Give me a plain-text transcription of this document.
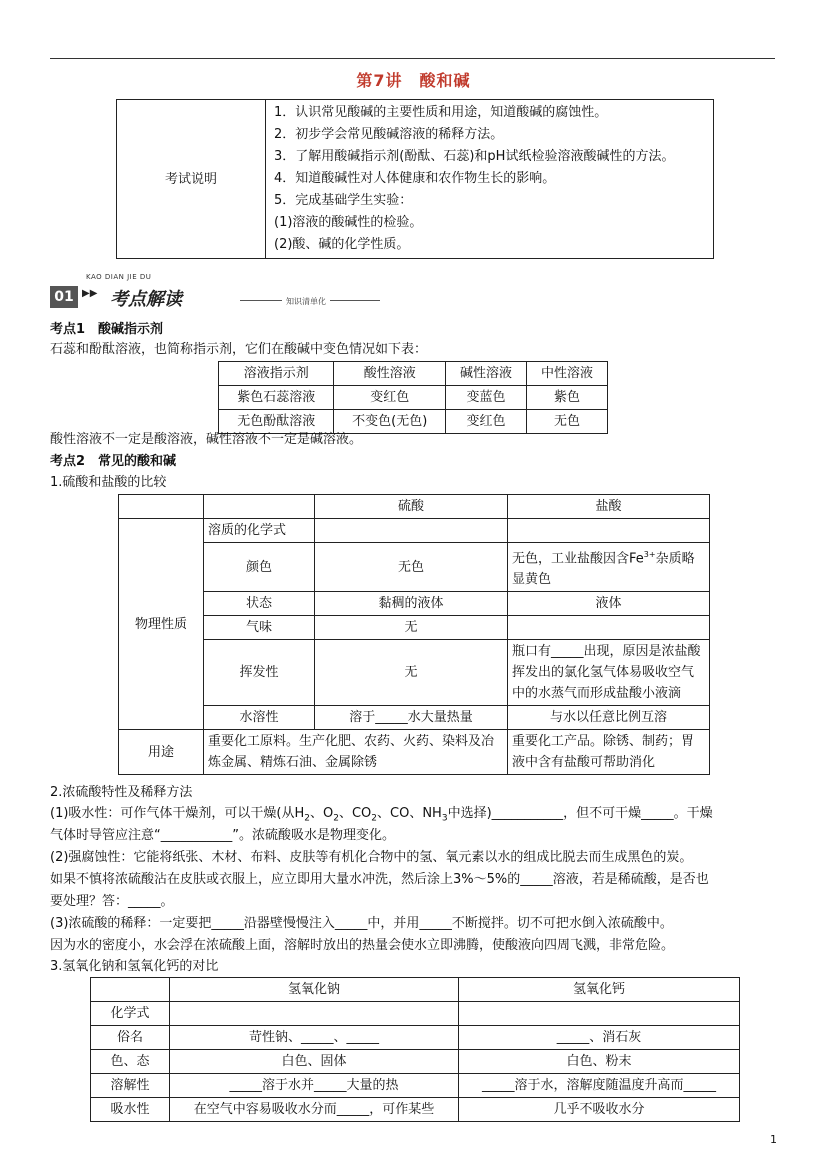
第7讲　酸和碱
考试说明	
1．认识常见酸碱的主要性质和用途，知道酸碱的腐蚀性。
2．初步学会常见酸碱溶液的稀释方法。
3．了解用酸碱指示剂(酚酞、石蕊)和pH试纸检验溶液酸碱性的方法。
4．知道酸碱性对人体健康和农作物生长的影响。
5．完成基础学生实验：
(1)溶液的酸碱性的检验。
(2)酸、碱的化学性质。
KAO DIAN JIE DU
01 ▶▶ 考点解读	知识清单化
考点1　酸碱指示剂
石蕊和酚酞溶液，也简称指示剂，它们在酸碱中变色情况如下表：
溶液指示剂	酸性溶液	碱性溶液	中性溶液
紫色石蕊溶液	变红色	变蓝色	紫色
无色酚酞溶液	不变色(无色)	变红色	无色
酸性溶液不一定是酸溶液，碱性溶液不一定是碱溶液。
考点2　常见的酸和碱
1.硫酸和盐酸的比较
		硫酸	盐酸
物理性质	溶质的化学式		
	颜色	无色	无色，工业盐酸因含$Fe^{3+}$杂质略显黄色
	状态	黏稠的液体	液体
	气味	无	
	挥发性	无	瓶口有_____出现，原因是浓盐酸挥发出的氯化氢气体易吸收空气中的水蒸气而形成盐酸小液滴
	水溶性	溶于_____水大量热量	与水以任意比例互溶
用途	重要化工原料。生产化肥、农药、火药、染料及冶炼金属、精炼石油、金属除锈		重要化工产品。除锈、制药；胃液中含有盐酸可帮助消化
2.浓硫酸特性及稀释方法
(1)吸水性：可作气体干燥剂，可以干燥(从$H_2$、$O_2$、$CO_2$、CO、$NH_3$中选择)___________，但不可干燥_____。干燥
气体时导管应注意“___________”。浓硫酸吸水是物理变化。
(2)强腐蚀性：它能将纸张、木材、布料、皮肤等有机化合物中的氢、氧元素以水的组成比脱去而生成黑色的炭。
如果不慎将浓硫酸沾在皮肤或衣服上，应立即用大量水冲洗，然后涂上3%～5%的_____溶液，若是稀硫酸，是否也
要处理？答：_____。
(3)浓硫酸的稀释：一定要把_____沿器壁慢慢注入_____中，并用_____不断搅拌。切不可把水倒入浓硫酸中。
因为水的密度小，水会浮在浓硫酸上面，溶解时放出的热量会使水立即沸腾，使酸液向四周飞溅，非常危险。
3.氢氧化钠和氢氧化钙的对比
	氢氧化钠	氢氧化钙
化学式		
俗名	苛性钠、_____、_____	_____、消石灰
色、态	白色、固体	白色、粉末
溶解性	_____溶于水并_____大量的热	_____溶于水，溶解度随温度升高而_____
吸水性	在空气中容易吸收水分而_____，可作某些	几乎不吸收水分
1
